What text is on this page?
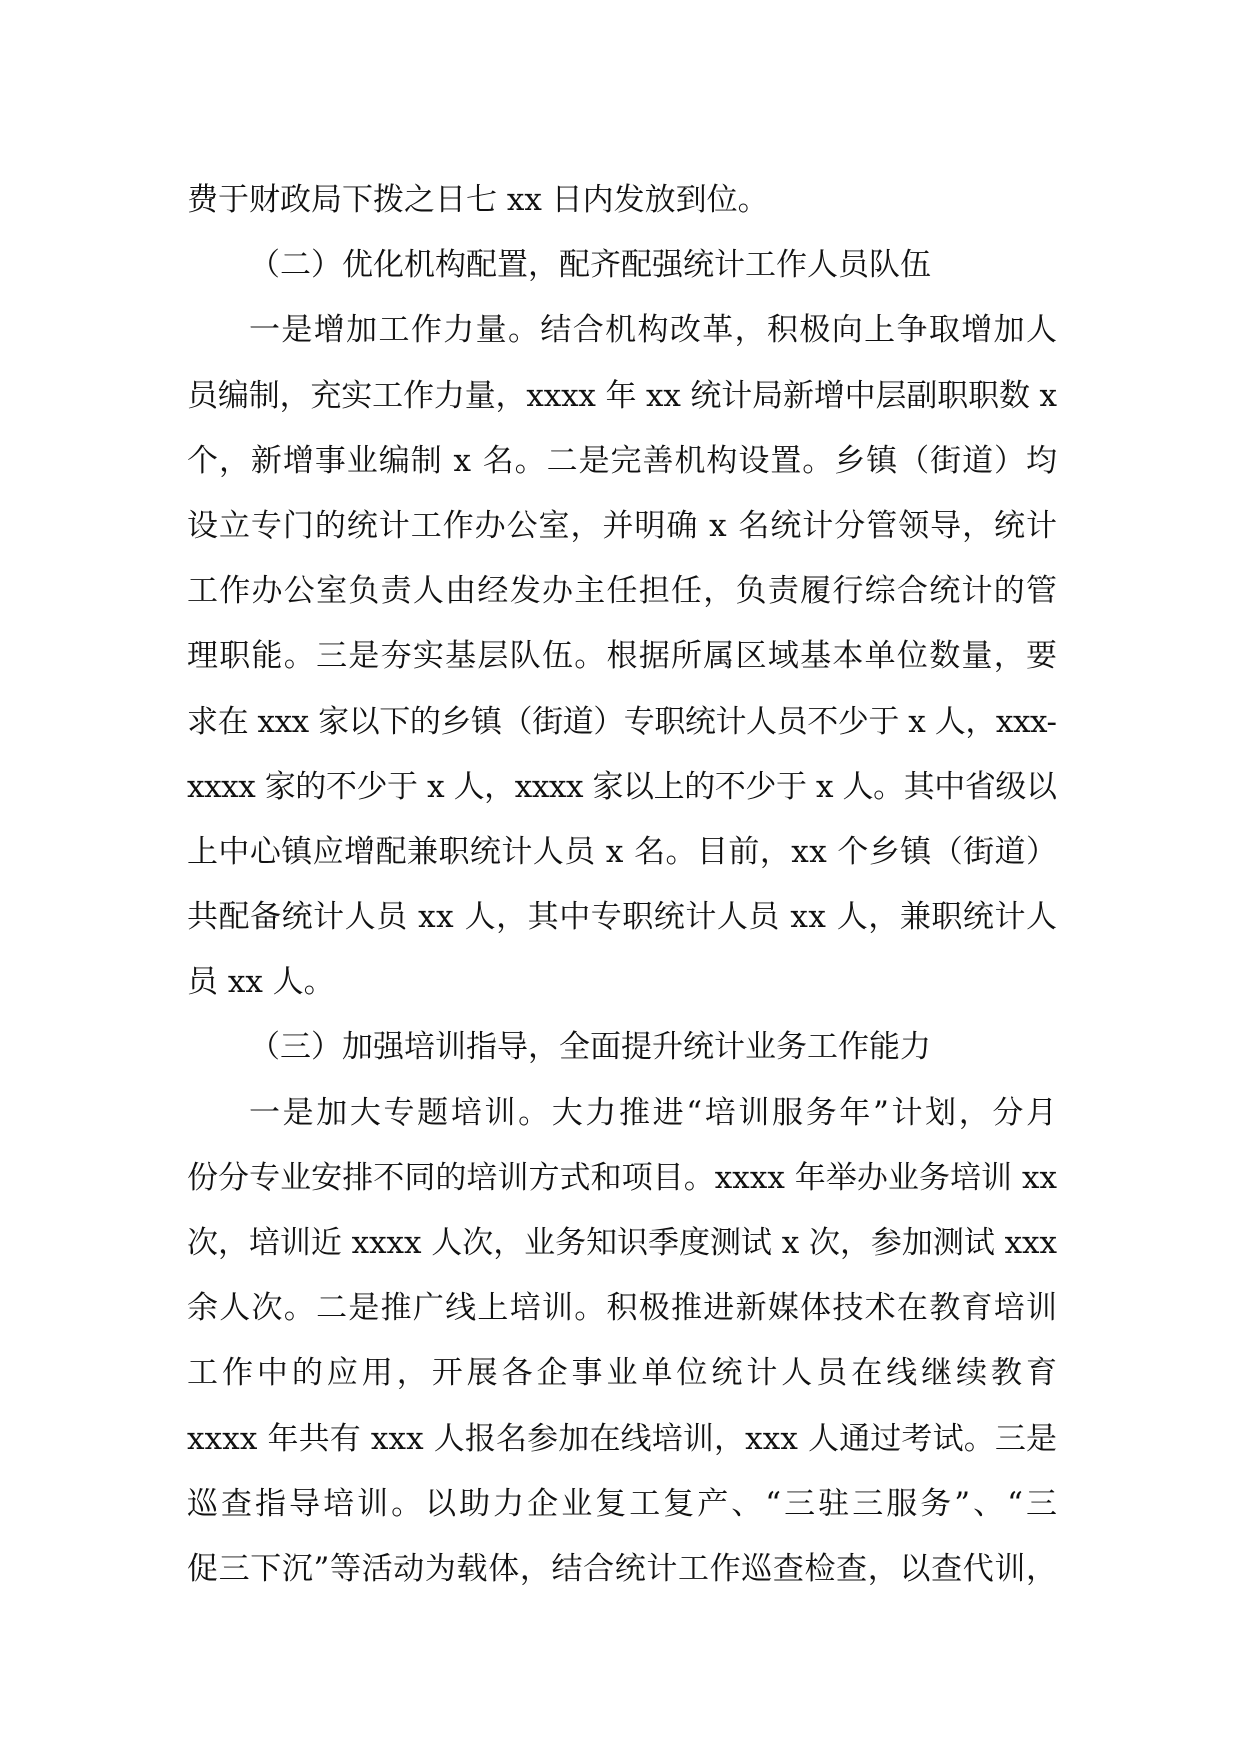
费于财政局下拨之日七 xx 日内发放到位。
（二）优化机构配置，配齐配强统计工作人员队伍
一是增加工作力量。结合机构改革，积极向上争取增加人
员编制，充实工作力量，xxxx 年 xx 统计局新增中层副职职数 x
个，新增事业编制 x 名。二是完善机构设置。乡镇（街道）均
设立专门的统计工作办公室，并明确 x 名统计分管领导，统计
工作办公室负责人由经发办主任担任，负责履行综合统计的管
理职能。三是夯实基层队伍。根据所属区域基本单位数量，要
求在 xxx 家以下的乡镇（街道）专职统计人员不少于 x 人，xxx-
xxxx 家的不少于 x 人，xxxx 家以上的不少于 x 人。其中省级以
上中心镇应增配兼职统计人员 x 名。目前，xx 个乡镇（街道）
共配备统计人员 xx 人，其中专职统计人员 xx 人，兼职统计人
员 xx 人。
（三）加强培训指导，全面提升统计业务工作能力
一是加大专题培训。大力推进“培训服务年”计划，分月
份分专业安排不同的培训方式和项目。xxxx 年举办业务培训 xx
次，培训近 xxxx 人次，业务知识季度测试 x 次，参加测试 xxx
余人次。二是推广线上培训。积极推进新媒体技术在教育培训
工作中的应用，开展各企事业单位统计人员在线继续教育
xxxx 年共有 xxx 人报名参加在线培训，xxx 人通过考试。三是
巡查指导培训。以助力企业复工复产、“三驻三服务”、“三
促三下沉”等活动为载体，结合统计工作巡查检查，以查代训，
